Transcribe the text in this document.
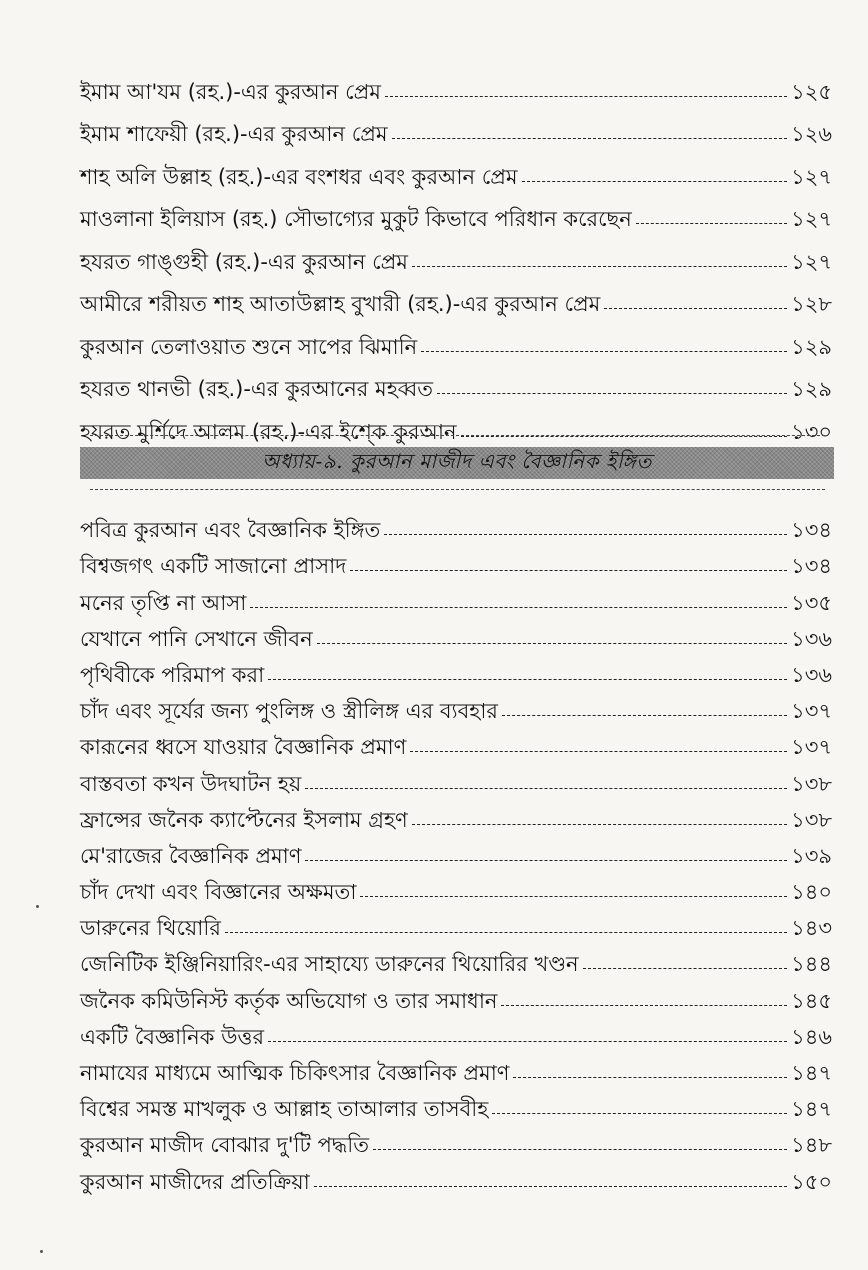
ইমাম আ'যম (রহ.)-এর কুরআন প্রেম	১২৫
ইমাম শাফেয়ী (রহ.)-এর কুরআন প্রেম	১২৬
শাহ অলি উল্লাহ (রহ.)-এর বংশধর এবং কুরআন প্রেম	১২৭
মাওলানা ইলিয়াস (রহ.) সৌভাগ্যের মুকুট কিভাবে পরিধান করেছেন	১২৭
হযরত গাঙ্গুহী (রহ.)-এর কুরআন প্রেম	১২৭
আমীরে শরীয়ত শাহ আতাউল্লাহ বুখারী (রহ.)-এর কুরআন প্রেম	১২৮
কুরআন তেলাওয়াত শুনে সাপের ঝিমানি	১২৯
হযরত থানভী (রহ.)-এর কুরআনের মহব্বত	১২৯
হযরত মুর্শিদে আলম (রহ.)-এর ইশ্কে কুরআন	১৩০
অধ্যায়-৯. কুরআন মাজীদ এবং বৈজ্ঞানিক ইঙ্গিত
পবিত্র কুরআন এবং বৈজ্ঞানিক ইঙ্গিত	১৩৪
বিশ্বজগৎ একটি সাজানো প্রাসাদ	১৩৪
মনের তৃপ্তি না আসা	১৩৫
যেখানে পানি সেখানে জীবন	১৩৬
পৃথিবীকে পরিমাপ করা	১৩৬
চাঁদ এবং সূর্যের জন্য পুংলিঙ্গ ও স্ত্রীলিঙ্গ এর ব্যবহার	১৩৭
কারূনের ধ্বসে যাওয়ার বৈজ্ঞানিক প্রমাণ	১৩৭
বাস্তবতা কখন উদঘাটন হয়	১৩৮
ফ্রান্সের জনৈক ক্যাপ্টেনের ইসলাম গ্রহণ	১৩৮
মে'রাজের বৈজ্ঞানিক প্রমাণ	১৩৯
চাঁদ দেখা এবং বিজ্ঞানের অক্ষমতা	১৪০
ডারুনের থিয়োরি	১৪৩
জেনিটিক ইঞ্জিনিয়ারিং-এর সাহায্যে ডারুনের থিয়োরির খণ্ডন	১৪৪
জনৈক কমিউনিস্ট কর্তৃক অভিযোগ ও তার সমাধান	১৪৫
একটি বৈজ্ঞানিক উত্তর	১৪৬
নামাযের মাধ্যমে আত্মিক চিকিৎসার বৈজ্ঞানিক প্রমাণ	১৪৭
বিশ্বের সমস্ত মাখলুক ও আল্লাহ তাআলার তাসবীহ	১৪৭
কুরআন মাজীদ বোঝার দু'টি পদ্ধতি	১৪৮
কুরআন মাজীদের প্রতিক্রিয়া	১৫০
